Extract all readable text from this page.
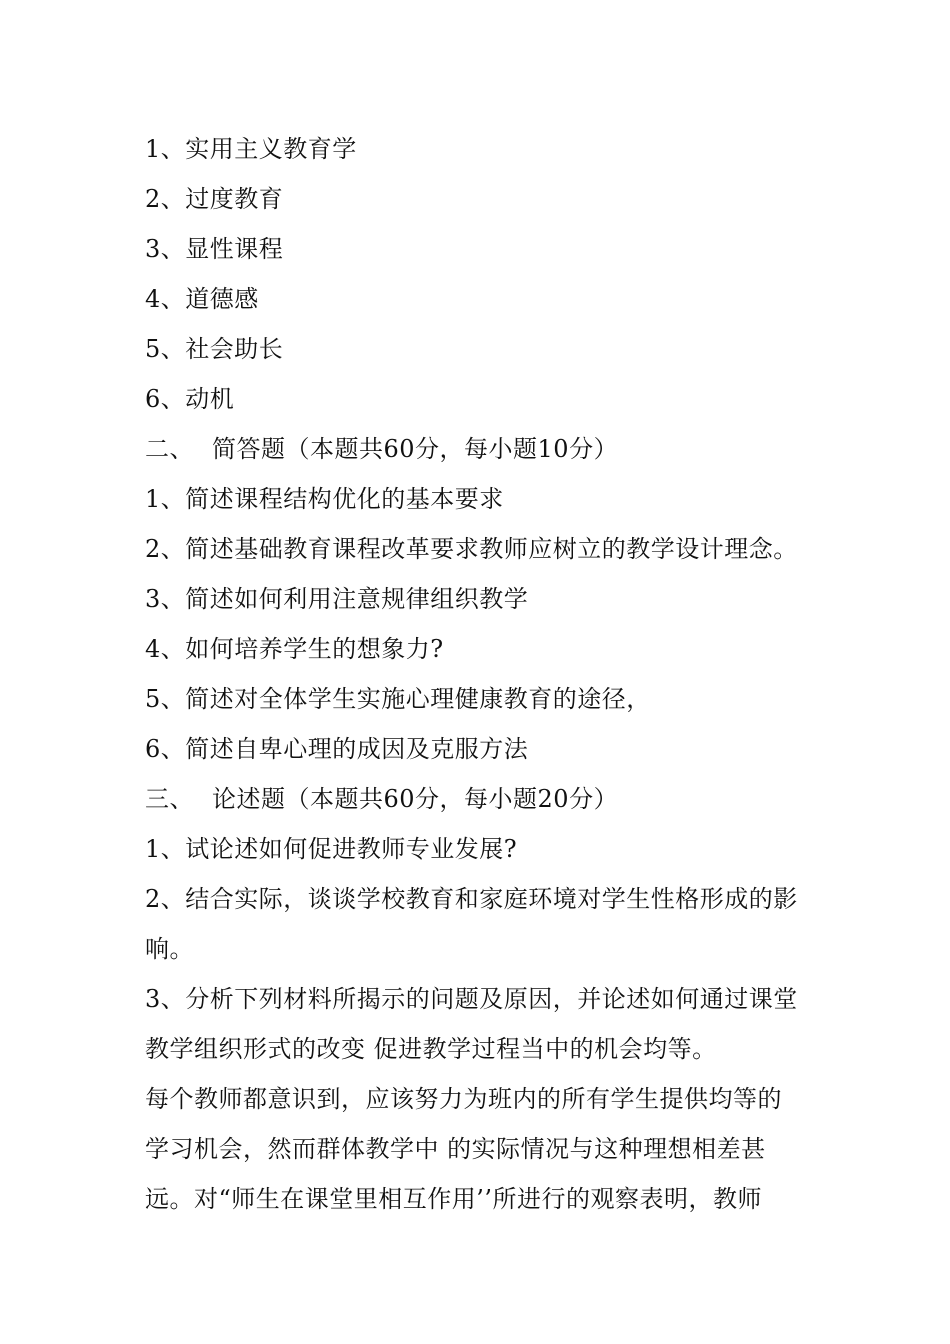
1、实用主义教育学
2、过度教育
3、显性课程
4、道德感
5、社会助长
6、动机
二、 简答题（本题共60分，每小题10分）
1、简述课程结构优化的基本要求
2、简述基础教育课程改革要求教师应树立的教学设计理念。
3、简述如何利用注意规律组织教学
4、如何培养学生的想象力?
5、简述对全体学生实施心理健康教育的途径，
6、简述自卑心理的成因及克服方法
三、 论述题（本题共60分，每小题20分）
1、试论述如何促进教师专业发展?
2、结合实际，谈谈学校教育和家庭环境对学生性格形成的影
响。
3、分析下列材料所揭示的问题及原因，并论述如何通过课堂
教学组织形式的改变 促进教学过程当中的机会均等。
每个教师都意识到，应该努力为班内的所有学生提供均等的
学习机会，然而群体教学中 的实际情况与这种理想相差甚
远。对“师生在课堂里相互作用’’所进行的观察表明，教师
